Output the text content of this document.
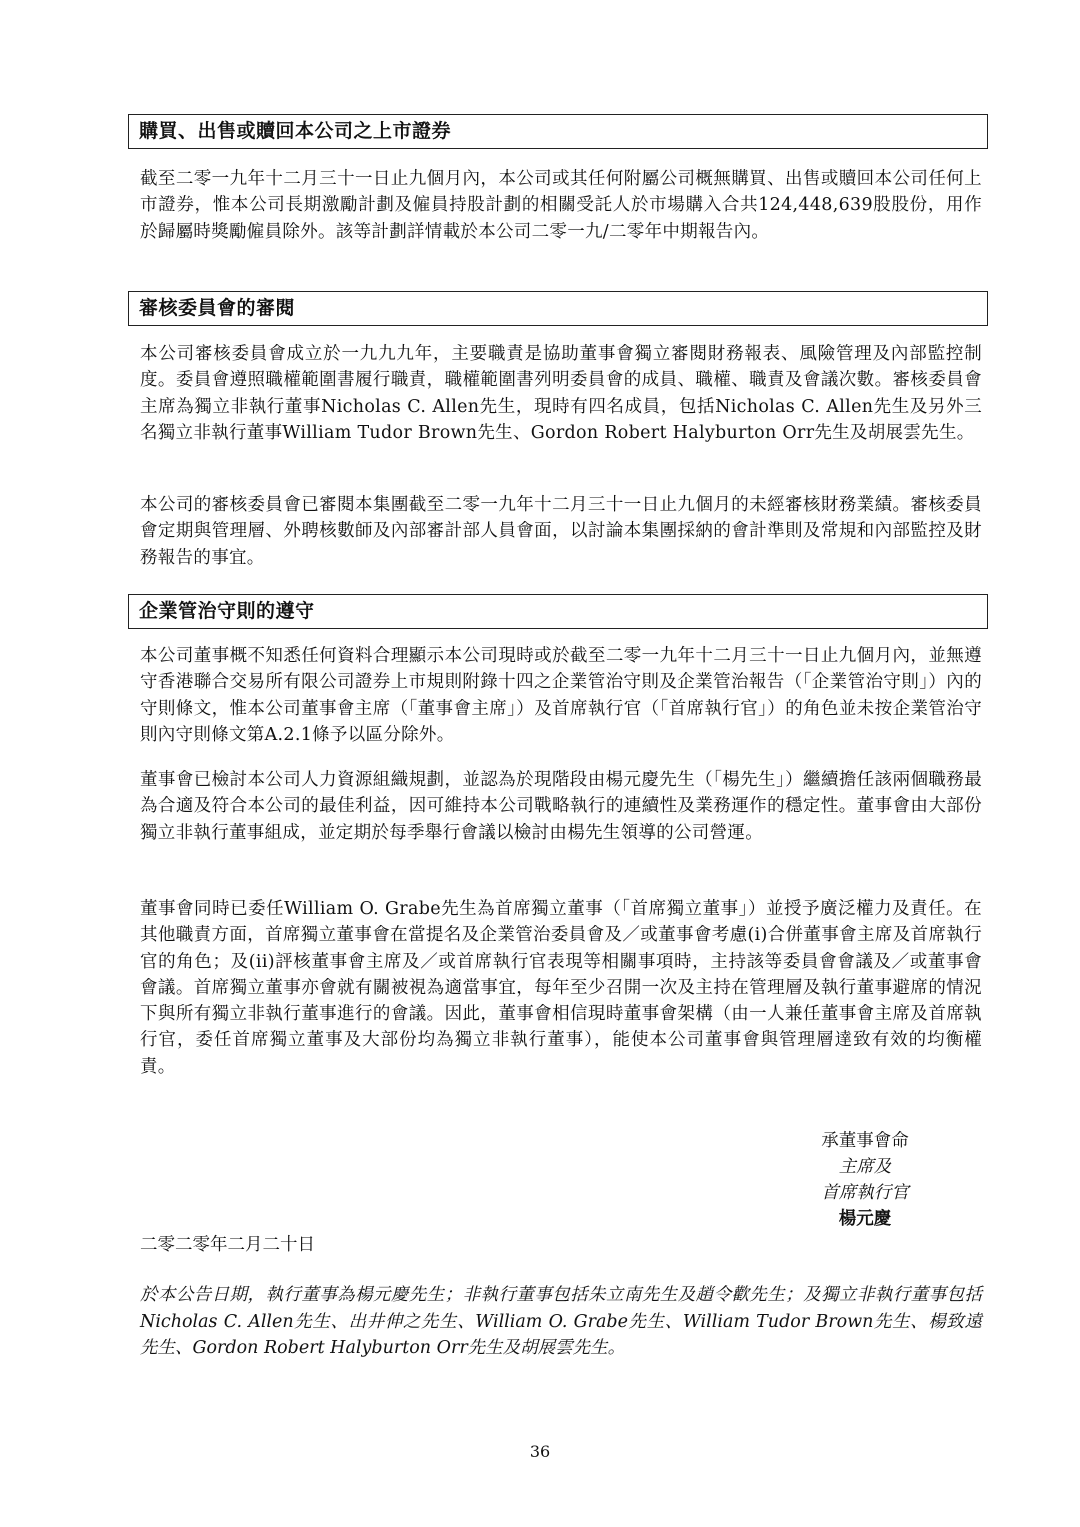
購買、出售或贖回本公司之上市證券
截至二零一九年十二月三十一日止九個月內，本公司或其任何附屬公司概無購買、出售或贖回本公司任何上市證券，惟本公司長期激勵計劃及僱員持股計劃的相關受託人於市場購入合共124,448,639股股份，用作於歸屬時獎勵僱員除外。該等計劃詳情載於本公司二零一九/二零年中期報告內。
審核委員會的審閱
本公司審核委員會成立於一九九九年，主要職責是協助董事會獨立審閱財務報表、風險管理及內部監控制度。委員會遵照職權範圍書履行職責，職權範圍書列明委員會的成員、職權、職責及會議次數。審核委員會主席為獨立非執行董事Nicholas C. Allen先生，現時有四名成員，包括Nicholas C. Allen先生及另外三名獨立非執行董事William Tudor Brown先生、Gordon Robert Halyburton Orr先生及胡展雲先生。
本公司的審核委員會已審閱本集團截至二零一九年十二月三十一日止九個月的未經審核財務業績。審核委員會定期與管理層、外聘核數師及內部審計部人員會面，以討論本集團採納的會計準則及常規和內部監控及財務報告的事宜。
企業管治守則的遵守
本公司董事概不知悉任何資料合理顯示本公司現時或於截至二零一九年十二月三十一日止九個月內，並無遵守香港聯合交易所有限公司證券上市規則附錄十四之企業管治守則及企業管治報告（「企業管治守則」）內的守則條文，惟本公司董事會主席（「董事會主席」）及首席執行官（「首席執行官」）的角色並未按企業管治守則內守則條文第A.2.1條予以區分除外。
董事會已檢討本公司人力資源組織規劃，並認為於現階段由楊元慶先生（「楊先生」）繼續擔任該兩個職務最為合適及符合本公司的最佳利益，因可維持本公司戰略執行的連續性及業務運作的穩定性。董事會由大部份獨立非執行董事組成，並定期於每季舉行會議以檢討由楊先生領導的公司營運。
董事會同時已委任William O. Grabe先生為首席獨立董事（「首席獨立董事」）並授予廣泛權力及責任。在其他職責方面，首席獨立董事會在當提名及企業管治委員會及／或董事會考慮(i)合併董事會主席及首席執行官的角色；及(ii)評核董事會主席及／或首席執行官表現等相關事項時，主持該等委員會會議及／或董事會會議。首席獨立董事亦會就有關被視為適當事宜，每年至少召開一次及主持在管理層及執行董事避席的情況下與所有獨立非執行董事進行的會議。因此，董事會相信現時董事會架構（由一人兼任董事會主席及首席執行官，委任首席獨立董事及大部份均為獨立非執行董事），能使本公司董事會與管理層達致有效的均衡權責。
承董事會命
主席及
首席執行官
楊元慶
二零二零年二月二十日
於本公告日期，執行董事為楊元慶先生；非執行董事包括朱立南先生及趙令歡先生；及獨立非執行董事包括Nicholas C. Allen先生、出井伸之先生、William O. Grabe先生、William Tudor Brown先生、楊致遠先生、Gordon Robert Halyburton Orr先生及胡展雲先生。
36
